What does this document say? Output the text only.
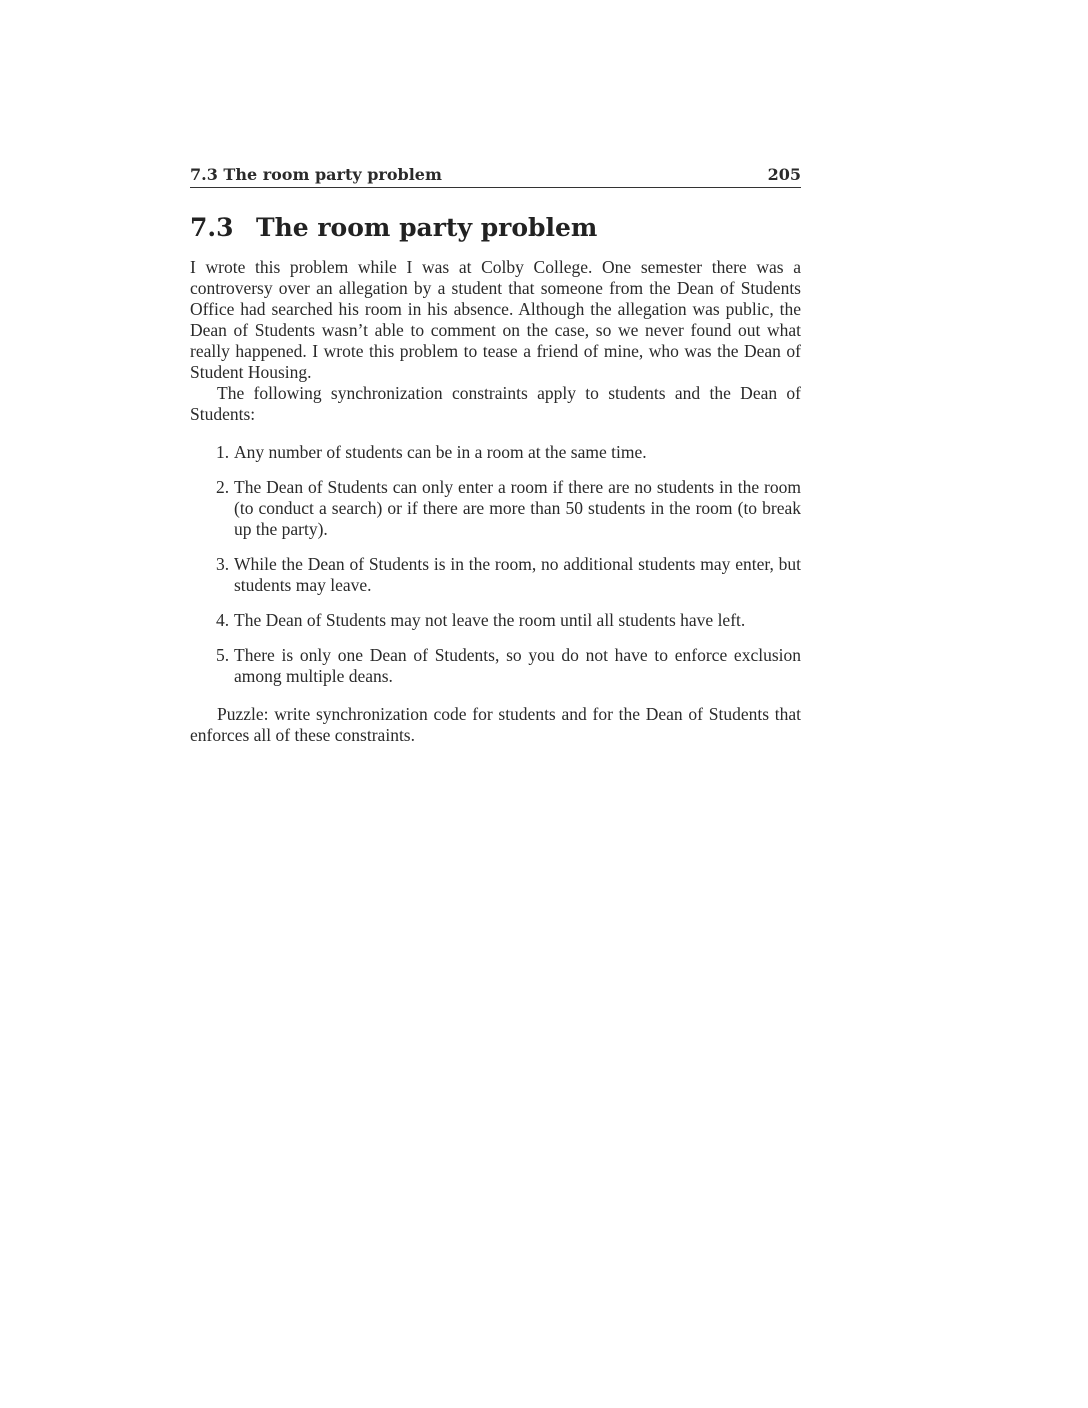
7.3 The room party problem	205
7.3 The room party problem
I wrote this problem while I was at Colby College. One semester there was a controversy over an allegation by a student that someone from the Dean of Students Office had searched his room in his absence. Although the allegation was public, the Dean of Students wasn’t able to comment on the case, so we never found out what really happened. I wrote this problem to tease a friend of mine, who was the Dean of Student Housing.
The following synchronization constraints apply to students and the Dean of Students:
1. Any number of students can be in a room at the same time.
2. The Dean of Students can only enter a room if there are no students in the room (to conduct a search) or if there are more than 50 students in the room (to break up the party).
3. While the Dean of Students is in the room, no additional students may enter, but students may leave.
4. The Dean of Students may not leave the room until all students have left.
5. There is only one Dean of Students, so you do not have to enforce exclusion among multiple deans.
Puzzle: write synchronization code for students and for the Dean of Students that enforces all of these constraints.
